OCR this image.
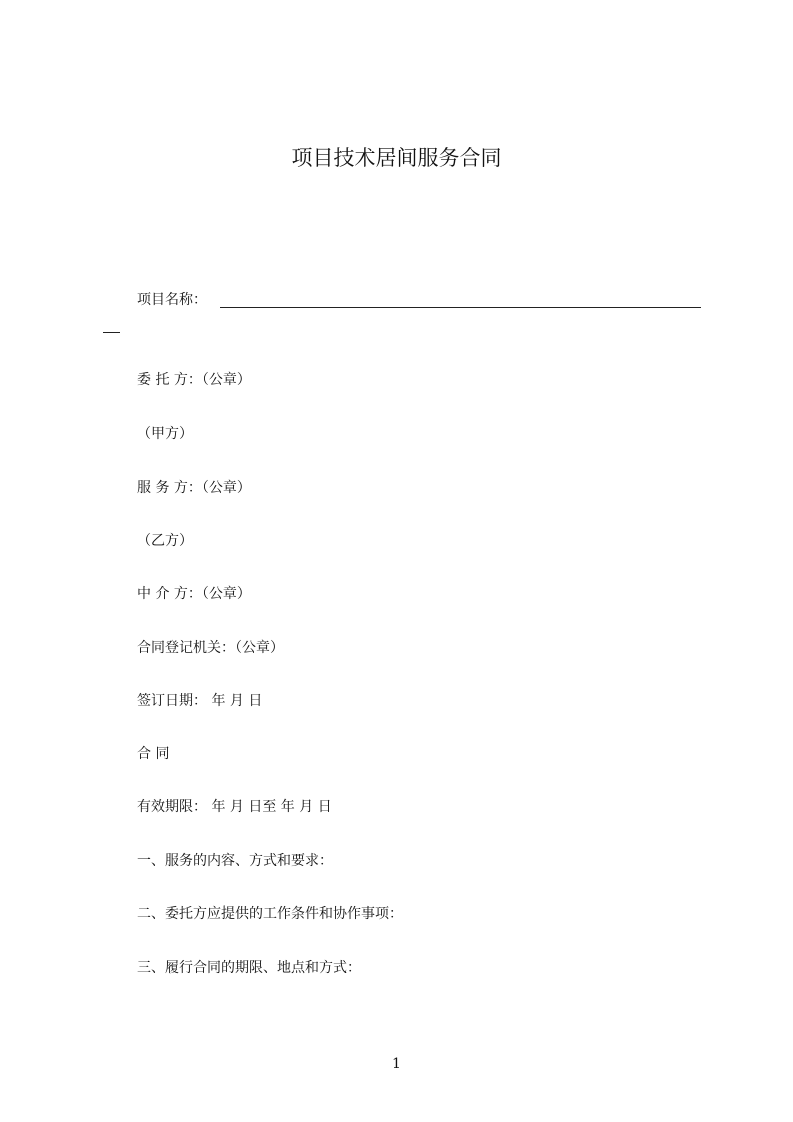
项目技术居间服务合同
项目名称：

委 托 方：（公章）

（甲方）

服 务 方：（公章）

（乙方）

中 介 方：（公章）

合同登记机关：（公章）

签订日期： 年 月 日

合 同

有效期限： 年 月 日至 年 月 日

一、服务的内容、方式和要求：

二、委托方应提供的工作条件和协作事项：

三、履行合同的期限、地点和方式：

1
